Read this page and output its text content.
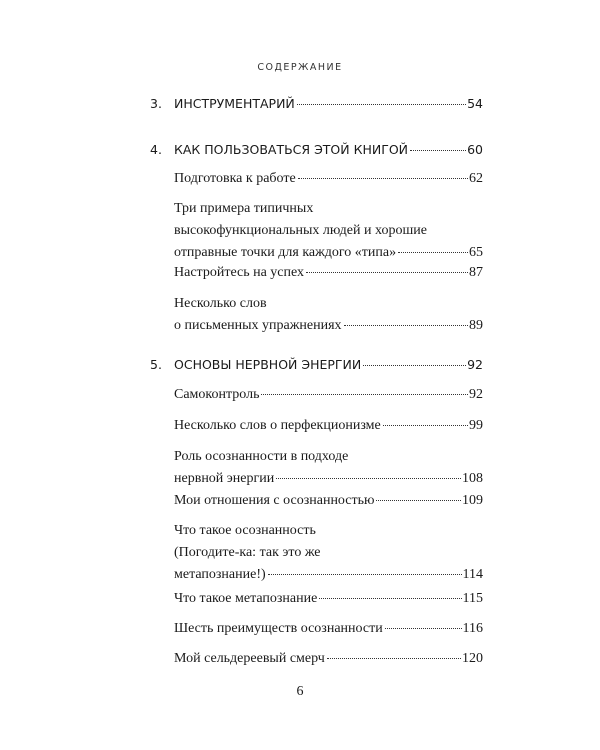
СОДЕРЖАНИЕ
3. ИНСТРУМЕНТАРИЙ	54
4. КАК ПОЛЬЗОВАТЬСЯ ЭТОЙ КНИГОЙ	60
Подготовка к работе	62
Три примера типичных
высокофункциональных людей и хорошие
отправные точки для каждого «типа»	65
Настройтесь на успех	87
Несколько слов
о письменных упражнениях	89
5. ОСНОВЫ НЕРВНОЙ ЭНЕРГИИ	92
Самоконтроль	92
Несколько слов о перфекционизме	99
Роль осознанности в подходе
нервной энергии	108
Мои отношения с осознанностью	109
Что такое осознанность
(Погодите-ка: так это же
метапознание!)	114
Что такое метапознание	115
Шесть преимуществ осознанности	116
Мой сельдереевый смерч	120
6
